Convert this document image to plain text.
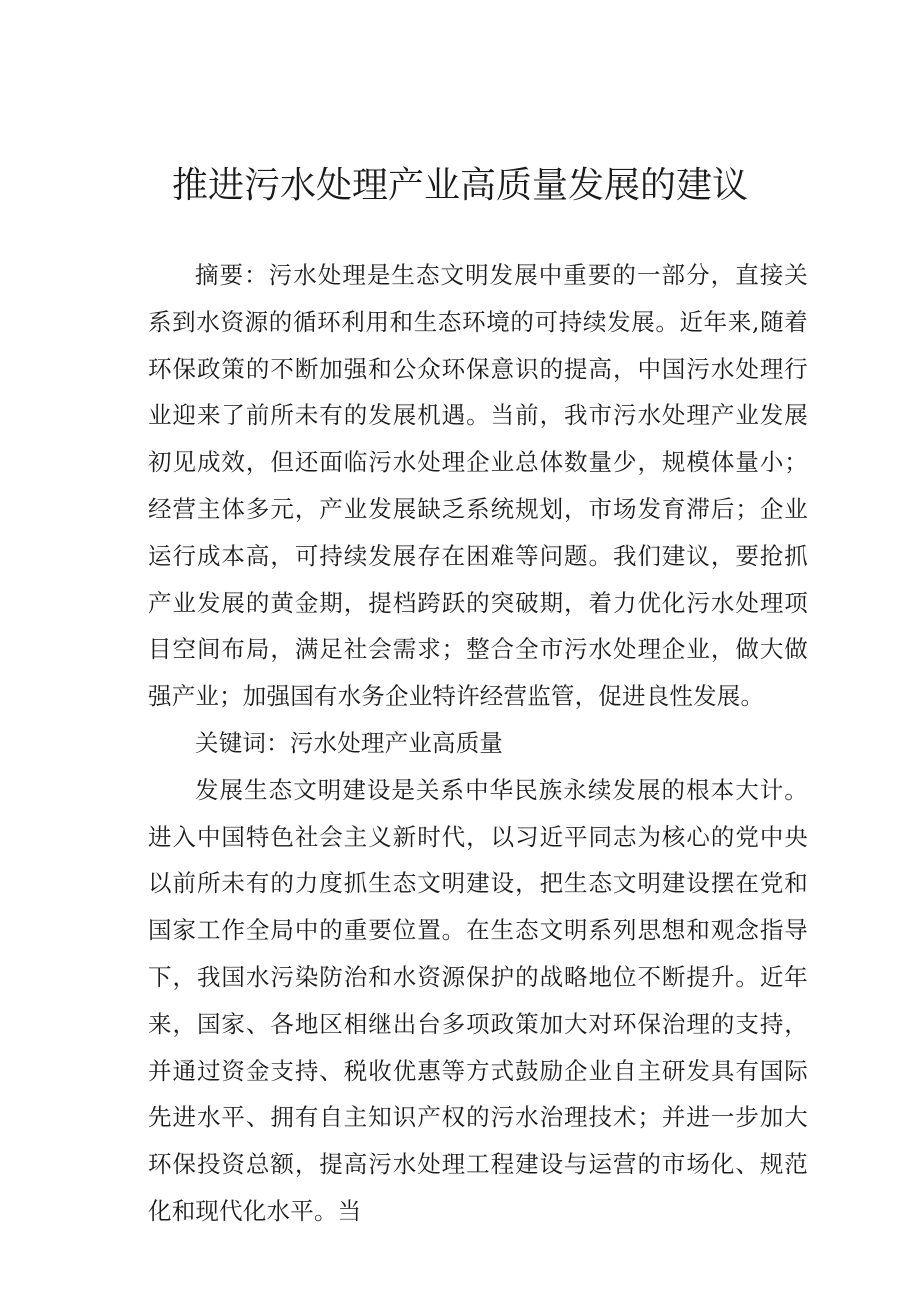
推进污水处理产业高质量发展的建议

摘要：污水处理是生态文明发展中重要的一部分，直接关系到水资源的循环利用和生态环境的可持续发展。近年来,随着环保政策的不断加强和公众环保意识的提高，中国污水处理行业迎来了前所未有的发展机遇。当前，我市污水处理产业发展初见成效，但还面临污水处理企业总体数量少，规模体量小；经营主体多元，产业发展缺乏系统规划，市场发育滞后；企业运行成本高，可持续发展存在困难等问题。我们建议，要抢抓产业发展的黄金期，提档跨跃的突破期，着力优化污水处理项目空间布局，满足社会需求；整合全市污水处理企业，做大做强产业；加强国有水务企业特许经营监管，促进良性发展。

关键词：污水处理产业高质量

发展生态文明建设是关系中华民族永续发展的根本大计。进入中国特色社会主义新时代，以习近平同志为核心的党中央以前所未有的力度抓生态文明建设，把生态文明建设摆在党和国家工作全局中的重要位置。在生态文明系列思想和观念指导下，我国水污染防治和水资源保护的战略地位不断提升。近年来，国家、各地区相继出台多项政策加大对环保治理的支持，并通过资金支持、税收优惠等方式鼓励企业自主研发具有国际先进水平、拥有自主知识产权的污水治理技术；并进一步加大环保投资总额，提高污水处理工程建设与运营的市场化、规范化和现代化水平。当
